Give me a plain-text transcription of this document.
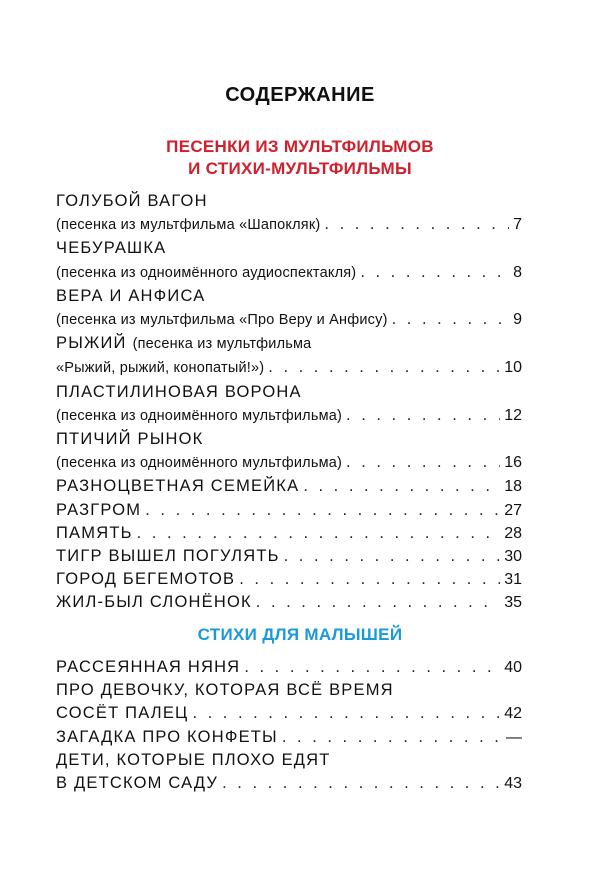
СОДЕРЖАНИЕ
ПЕСЕНКИ ИЗ МУЛЬТФИЛЬМОВ
И СТИХИ-МУЛЬТФИЛЬМЫ
ГОЛУБОЙ ВАГОН
(песенка из мультфильма «Шапокляк) . . .	7
ЧЕБУРАШКА
(песенка из одноимённого аудиоспектакля) . . .	8
ВЕРА И АНФИСА
(песенка из мультфильма «Про Веру и Анфису) . . .	9
РЫЖИЙ (песенка из мультфильма
«Рыжий, рыжий, конопатый!») . . .	10
ПЛАСТИЛИНОВАЯ ВОРОНА
(песенка из одноимённого мультфильма) . . .	12
ПТИЧИЙ РЫНОК
(песенка из одноимённого мультфильма) . . .	16
РАЗНОЦВЕТНАЯ СЕМЕЙКА . . .	18
РАЗГРОМ . . .	27
ПАМЯТЬ . . .	28
ТИГР ВЫШЕЛ ПОГУЛЯТЬ . . .	30
ГОРОД БЕГЕМОТОВ . . .	31
ЖИЛ-БЫЛ СЛОНЁНОК . . .	35
СТИХИ ДЛЯ МАЛЫШЕЙ
РАССЕЯННАЯ НЯНЯ . . .	40
ПРО ДЕВОЧКУ, КОТОРАЯ ВСЁ ВРЕМЯ
СОСЁТ ПАЛЕЦ . . .	42
ЗАГАДКА ПРО КОНФЕТЫ . . .	—
ДЕТИ, КОТОРЫЕ ПЛОХО ЕДЯТ
В ДЕТСКОМ САДУ . . .	43
